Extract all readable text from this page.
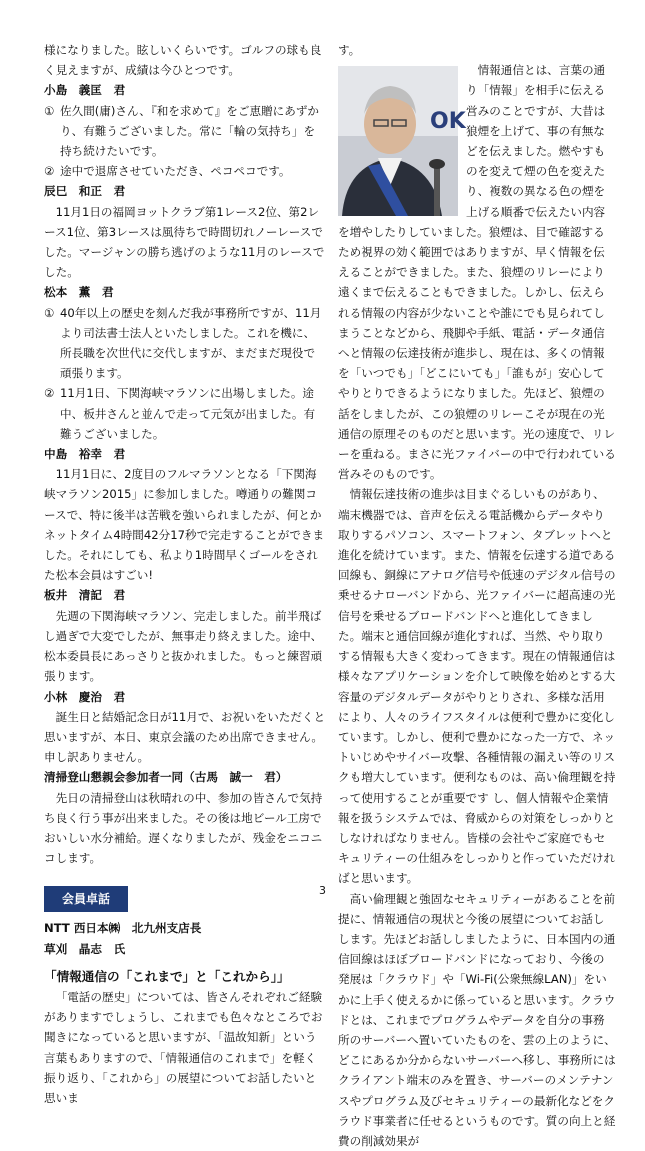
様になりました。眩しいくらいです。ゴルフの球も良く見えますが、成績は今ひとつです。

小島　義匡　君

① 佐久間(庸)さん、『和を求めて』をご恵贈にあずかり、有難うございました。常に「輪の気持ち」を持ち続けたいです。
② 途中で退席させていただき、ペコペコです。

辰巳　和正　君

11月1日の福岡ヨットクラブ第1レース2位、第2レース1位、第3レースは風待ちで時間切れノーレースでした。マージャンの勝ち逃げのような11月のレースでした。

松本　薫　君

① 40年以上の歴史を刻んだ我が事務所ですが、11月より司法書士法人といたしました。これを機に、所長職を次世代に交代しますが、まだまだ現役で頑張ります。
② 11月1日、下関海峡マラソンに出場しました。途中、板井さんと並んで走って元気が出ました。有難うございました。

中島　裕幸　君

11月1日に、2度目のフルマラソンとなる「下関海峡マラソン2015」に参加しました。噂通りの難関コースで、特に後半は苦戦を強いられましたが、何とかネットタイム4時間42分17秒で完走することができました。それにしても、私より1時間早くゴールをされた松本会員はすごい!

板井　清記　君

先週の下関海峡マラソン、完走しました。前半飛ばし過ぎで大変でしたが、無事走り終えました。途中、松本委員長にあっさりと抜かれました。もっと練習頑張ります。

小林　慶治　君

誕生日と結婚記念日が11月で、お祝いをいただくと思いますが、本日、東京会議のため出席できません。申し訳ありません。

清掃登山懇親会参加者一同（古馬　誠一　君）

先日の清掃登山は秋晴れの中、参加の皆さんで気持ち良く行う事が出来ました。その後は地ビール工房でおいしい水分補給。遅くなりましたが、残金をニコニコします。

会員卓話

NTT 西日本㈱　北九州支店長

草刈　晶志　氏

「情報通信の「これまで」と「これから」」

「電話の歴史」については、皆さんそれぞれご経験がありますでしょうし、これまでも色々なところでお聞きになっていると思いますが、「温故知新」という言葉もありますので、「情報通信のこれまで」を軽く振り返り、「これから」の展望についてお話したいと思いま

す。

OK

情報通信とは、言葉の通り「情報」を相手に伝える営みのことですが、大昔は狼煙を上げて、事の有無などを伝えました。燃やすものを変えて煙の色を変えたり、複数の異なる色の煙を上げる順番で伝えたい内容を増やしたりしていました。狼煙は、目で確認するため視界の効く範囲ではありますが、早く情報を伝えることができました。また、狼煙のリレーにより遠くまで伝えることもできました。しかし、伝えられる情報の内容が少ないことや誰にでも見られてしまうことなどから、飛脚や手紙、電話・データ通信へと情報の伝達技術が進歩し、現在は、多くの情報を「いつでも」「どこにいても」「誰もが」安心してやりとりできるようになりました。先ほど、狼煙の話をしましたが、この狼煙のリレーこそが現在の光通信の原理そのものだと思います。光の速度で、リレーを重ねる。まさに光ファイバーの中で行われている営みそのものです。

情報伝達技術の進歩は目まぐるしいものがあり、端末機器では、音声を伝える電話機からデータやり取りするパソコン、スマートフォン、タブレットへと進化を続けています。また、情報を伝達する道である回線も、銅線にアナログ信号や低速のデジタル信号の乗せるナローバンドから、光ファイバーに超高速の光信号を乗せるブロードバンドへと進化してきました。端末と通信回線が進化すれば、当然、やり取りする情報も大きく変わってきます。現在の情報通信は様々なアプリケーションを介して映像を始めとする大容量のデジタルデータがやりとりされ、多様な活用により、人々のライフスタイルは便利で豊かに変化しています。しかし、便利で豊かになった一方で、ネットいじめやサイバー攻撃、各種情報の漏えい等のリスクも増大しています。便利なものは、高い倫理観を持って使用することが重要です し、個人情報や企業情報を扱うシステムでは、脅威からの対策をしっかりとしなければなりません。皆様の会社やご家庭でもセキュリティーの仕組みをしっかりと作っていただければと思います。

高い倫理観と強固なセキュリティーがあることを前提に、情報通信の現状と今後の展望についてお話しします。先ほどお話ししましたように、日本国内の通信回線はほぼブロードバンドになっており、今後の発展は「クラウド」や「Wi-Fi(公衆無線LAN)」をいかに上手く使えるかに係っていると思います。クラウドとは、これまでプログラムやデータを自分の事務所のサーバーへ置いていたものを、雲の上のように、どこにあるか分からないサーバーへ移し、事務所にはクライアント端末のみを置き、サーバーのメンテナンスやプログラム及びセキュリティーの最新化などをクラウド事業者に任せるというものです。質の向上と経費の削減効果が

3
